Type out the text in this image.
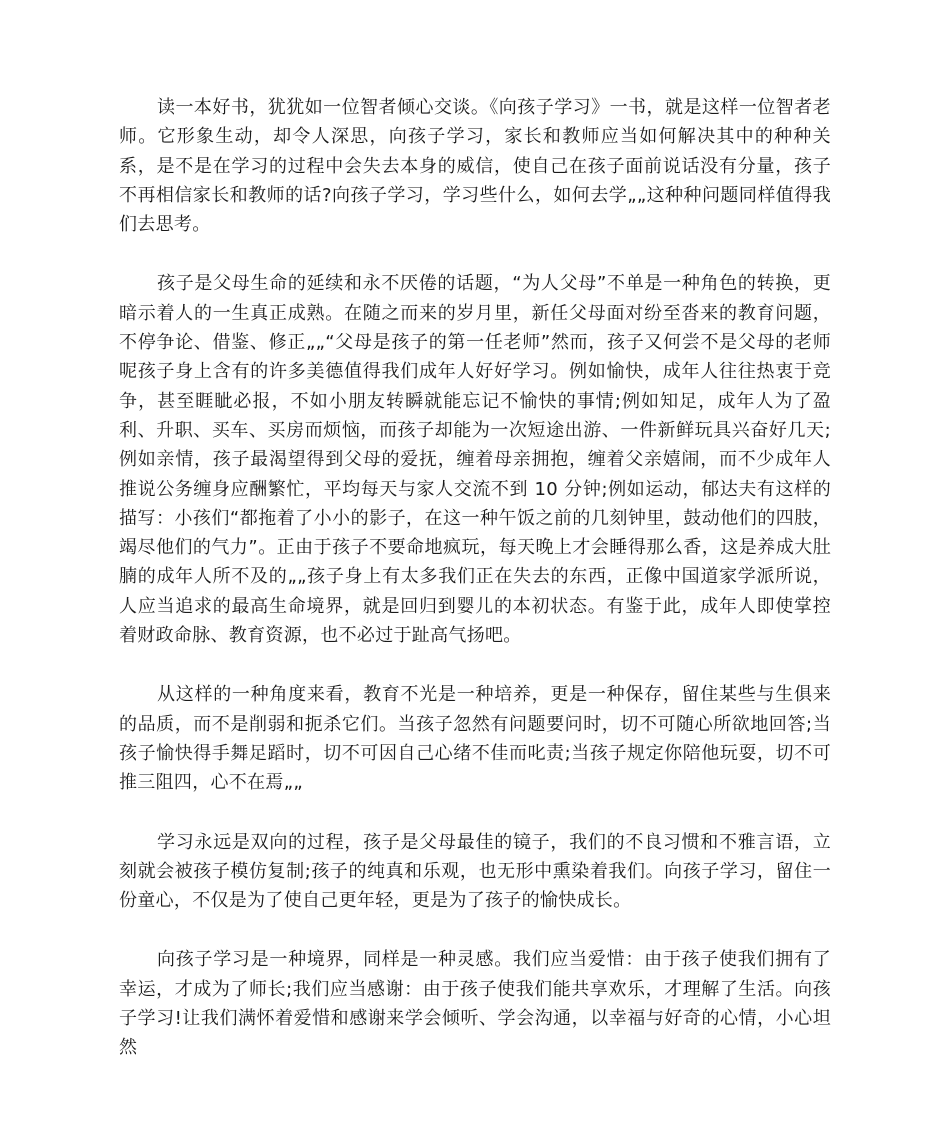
读一本好书，犹犹如一位智者倾心交谈。《向孩子学习》一书，就是这样一位智者老师。它形象生动，却令人深思，向孩子学习，家长和教师应当如何解决其中的种种关系，是不是在学习的过程中会失去本身的威信，使自己在孩子面前说话没有分量，孩子不再相信家长和教师的话?向孩子学习，学习些什么，如何去学„„这种种问题同样值得我们去思考。

孩子是父母生命的延续和永不厌倦的话题，“为人父母”不单是一种角色的转换，更暗示着人的一生真正成熟。在随之而来的岁月里，新任父母面对纷至沓来的教育问题，不停争论、借鉴、修正„„“父母是孩子的第一任老师”然而，孩子又何尝不是父母的老师呢孩子身上含有的许多美德值得我们成年人好好学习。例如愉快，成年人往往热衷于竞争，甚至睚眦必报，不如小朋友转瞬就能忘记不愉快的事情;例如知足，成年人为了盈利、升职、买车、买房而烦恼，而孩子却能为一次短途出游、一件新鲜玩具兴奋好几天;例如亲情，孩子最渴望得到父母的爱抚，缠着母亲拥抱，缠着父亲嬉闹，而不少成年人推说公务缠身应酬繁忙，平均每天与家人交流不到 10 分钟;例如运动，郁达夫有这样的描写：小孩们“都拖着了小小的影子，在这一种午饭之前的几刻钟里，鼓动他们的四肢，竭尽他们的气力”。正由于孩子不要命地疯玩，每天晚上才会睡得那么香，这是养成大肚腩的成年人所不及的„„孩子身上有太多我们正在失去的东西，正像中国道家学派所说，人应当追求的最高生命境界，就是回归到婴儿的本初状态。有鉴于此，成年人即使掌控着财政命脉、教育资源，也不必过于趾高气扬吧。

从这样的一种角度来看，教育不光是一种培养，更是一种保存，留住某些与生俱来的品质，而不是削弱和扼杀它们。当孩子忽然有问题要问时，切不可随心所欲地回答;当孩子愉快得手舞足蹈时，切不可因自己心绪不佳而叱责;当孩子规定你陪他玩耍，切不可推三阻四，心不在焉„„

学习永远是双向的过程，孩子是父母最佳的镜子，我们的不良习惯和不雅言语，立刻就会被孩子模仿复制;孩子的纯真和乐观，也无形中熏染着我们。向孩子学习，留住一份童心，不仅是为了使自己更年轻，更是为了孩子的愉快成长。

向孩子学习是一种境界，同样是一种灵感。我们应当爱惜：由于孩子使我们拥有了幸运，才成为了师长;我们应当感谢：由于孩子使我们能共享欢乐，才理解了生活。向孩子学习!让我们满怀着爱惜和感谢来学会倾听、学会沟通，以幸福与好奇的心情，小心坦然
